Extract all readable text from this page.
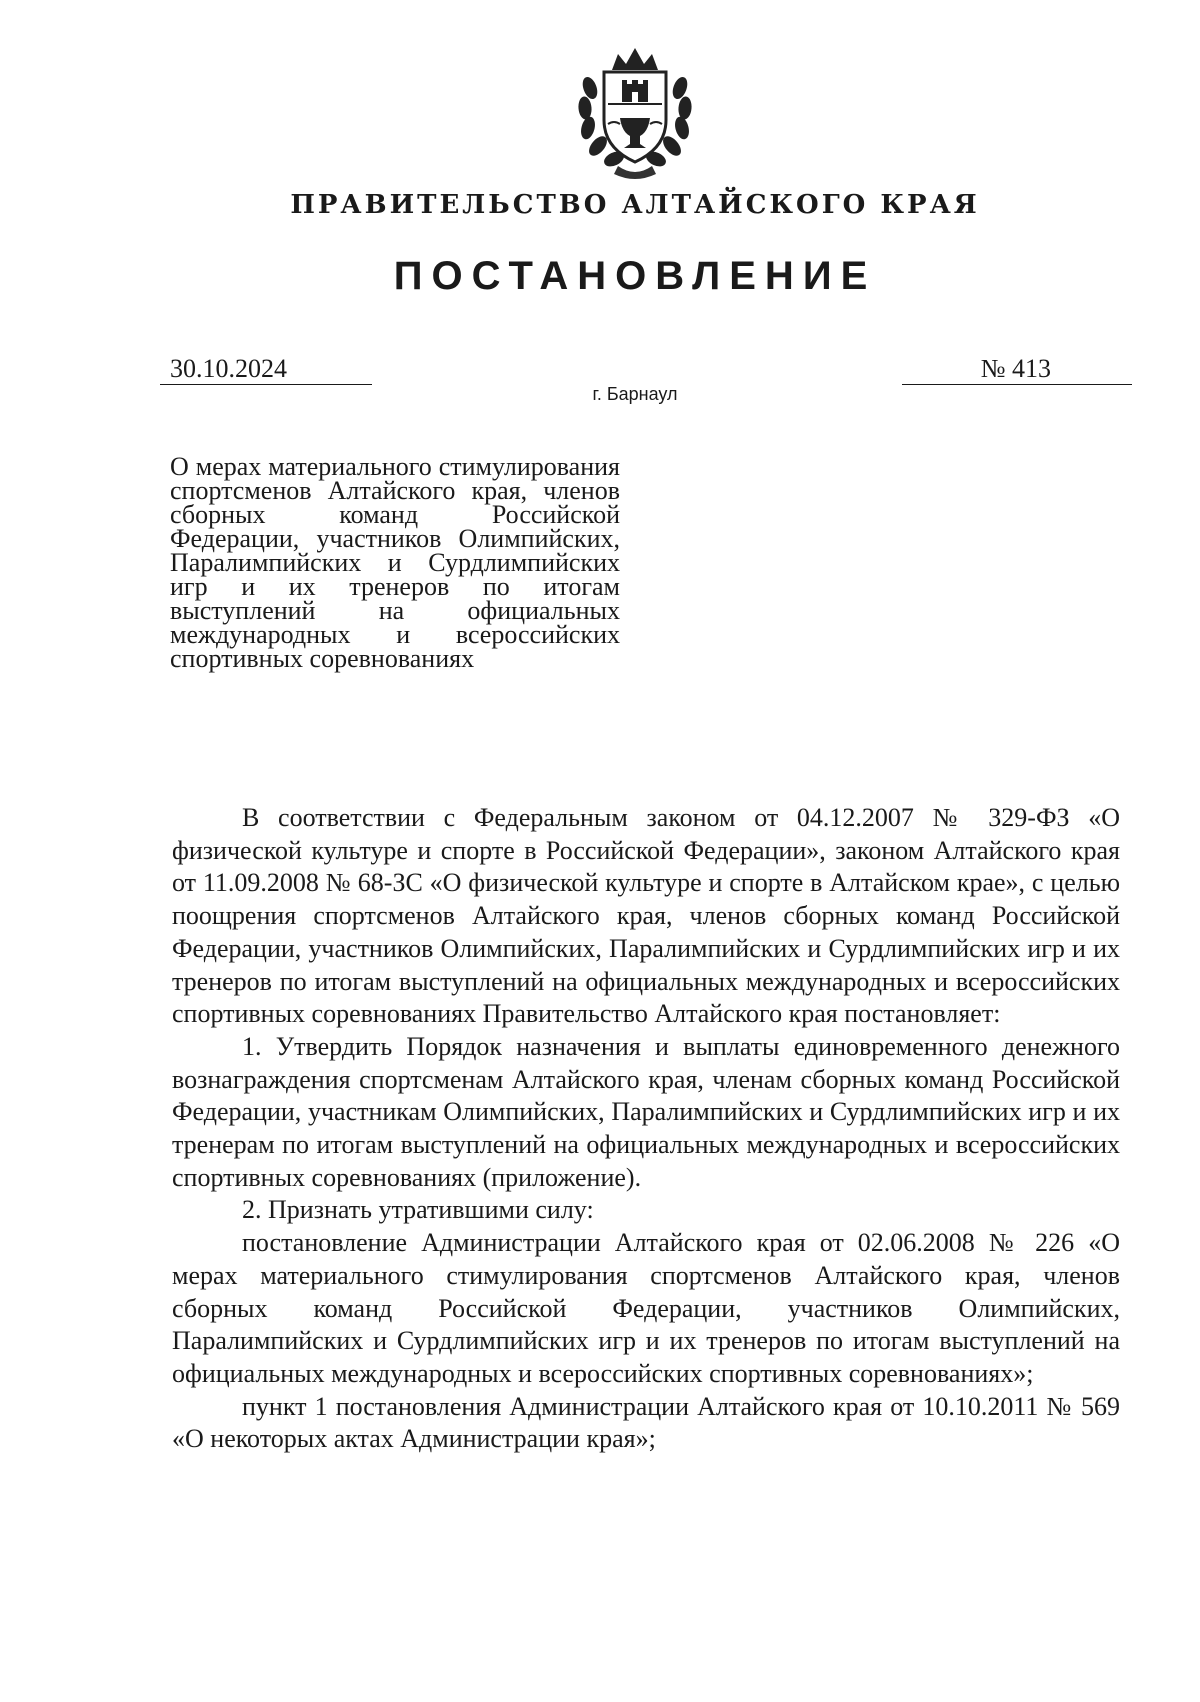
ПРАВИТЕЛЬСТВО АЛТАЙСКОГО КРАЯ
ПОСТАНОВЛЕНИЕ
30.10.2024	№ 413
г. Барнаул
О мерах материального стимулирования спортсменов Алтайского края, членов сборных команд Российской Федерации, участников Олимпийских, Паралимпийских и Сурдлимпийских игр и их тренеров по итогам выступлений на официальных международных и всероссийских спортивных соревнованиях

В соответствии с Федеральным законом от 04.12.2007 № 329-ФЗ «О физической культуре и спорте в Российской Федерации», законом Алтайского края от 11.09.2008 № 68-ЗС «О физической культуре и спорте в Алтайском крае», с целью поощрения спортсменов Алтайского края, членов сборных команд Российской Федерации, участников Олимпийских, Паралимпийских и Сурдлимпийских игр и их тренеров по итогам выступлений на официальных международных и всероссийских спортивных соревнованиях Правительство Алтайского края постановляет:

1. Утвердить Порядок назначения и выплаты единовременного денежного вознаграждения спортсменам Алтайского края, членам сборных команд Российской Федерации, участникам Олимпийских, Паралимпийских и Сурдлимпийских игр и их тренерам по итогам выступлений на официальных международных и всероссийских спортивных соревнованиях (приложение).

2. Признать утратившими силу:

постановление Администрации Алтайского края от 02.06.2008 № 226 «О мерах материального стимулирования спортсменов Алтайского края, членов сборных команд Российской Федерации, участников Олимпийских, Паралимпийских и Сурдлимпийских игр и их тренеров по итогам выступлений на официальных международных и всероссийских спортивных соревнованиях»;

пункт 1 постановления Администрации Алтайского края от 10.10.2011 № 569 «О некоторых актах Администрации края»;
